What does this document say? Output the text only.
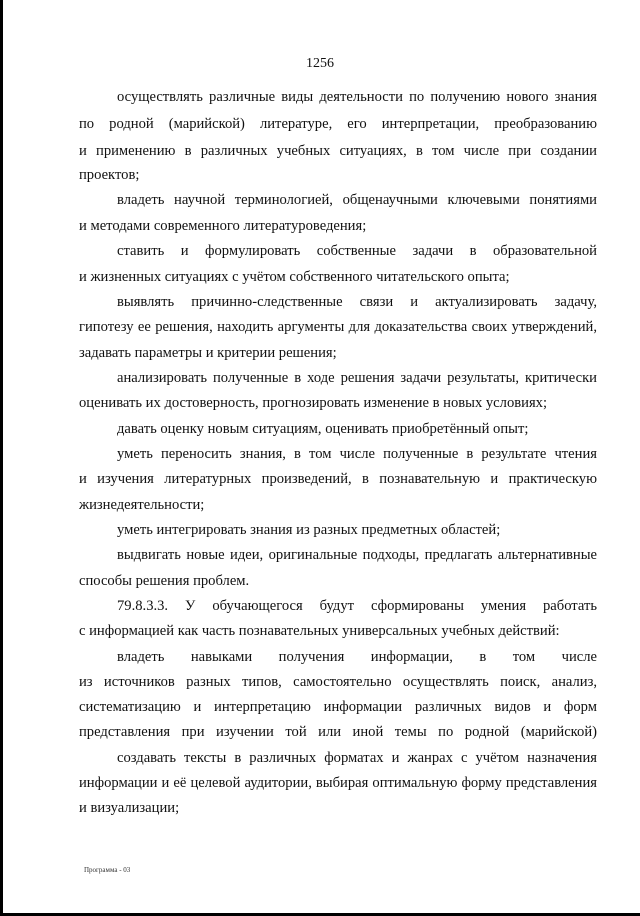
1256
осуществлять различные виды деятельности по получению нового знания
по родной (марийской) литературе, его интерпретации, преобразованию
и применению в различных учебных ситуациях, в том числе при создании
проектов;
владеть научной терминологией, общенаучными ключевыми понятиями
и методами современного литературоведения;
ставить и формулировать собственные задачи в образовательной
и жизненных ситуациях с учётом собственного читательского опыта;
выявлять причинно-следственные связи и актуализировать задачу,
гипотезу ее решения, находить аргументы для доказательства своих утверждений,
задавать параметры и критерии решения;
анализировать полученные в ходе решения задачи результаты, критически
оценивать их достоверность, прогнозировать изменение в новых условиях;
давать оценку новым ситуациям, оценивать приобретённый опыт;
уметь переносить знания, в том числе полученные в результате чтения
и изучения литературных произведений, в познавательную и практическую
жизнедеятельности;
уметь интегрировать знания из разных предметных областей;
выдвигать новые идеи, оригинальные подходы, предлагать альтернативные
способы решения проблем.
79.8.3.3. У обучающегося будут сформированы умения работать
с информацией как часть познавательных универсальных учебных действий:
владеть навыками получения информации, в том числе
из источников разных типов, самостоятельно осуществлять поиск, анализ,
систематизацию и интерпретацию информации различных видов и форм
представления при изучении той или иной темы по родной (марийской)
создавать тексты в различных форматах и жанрах с учётом назначения
информации и её целевой аудитории, выбирая оптимальную форму представления
и визуализации;
Программа - 03
